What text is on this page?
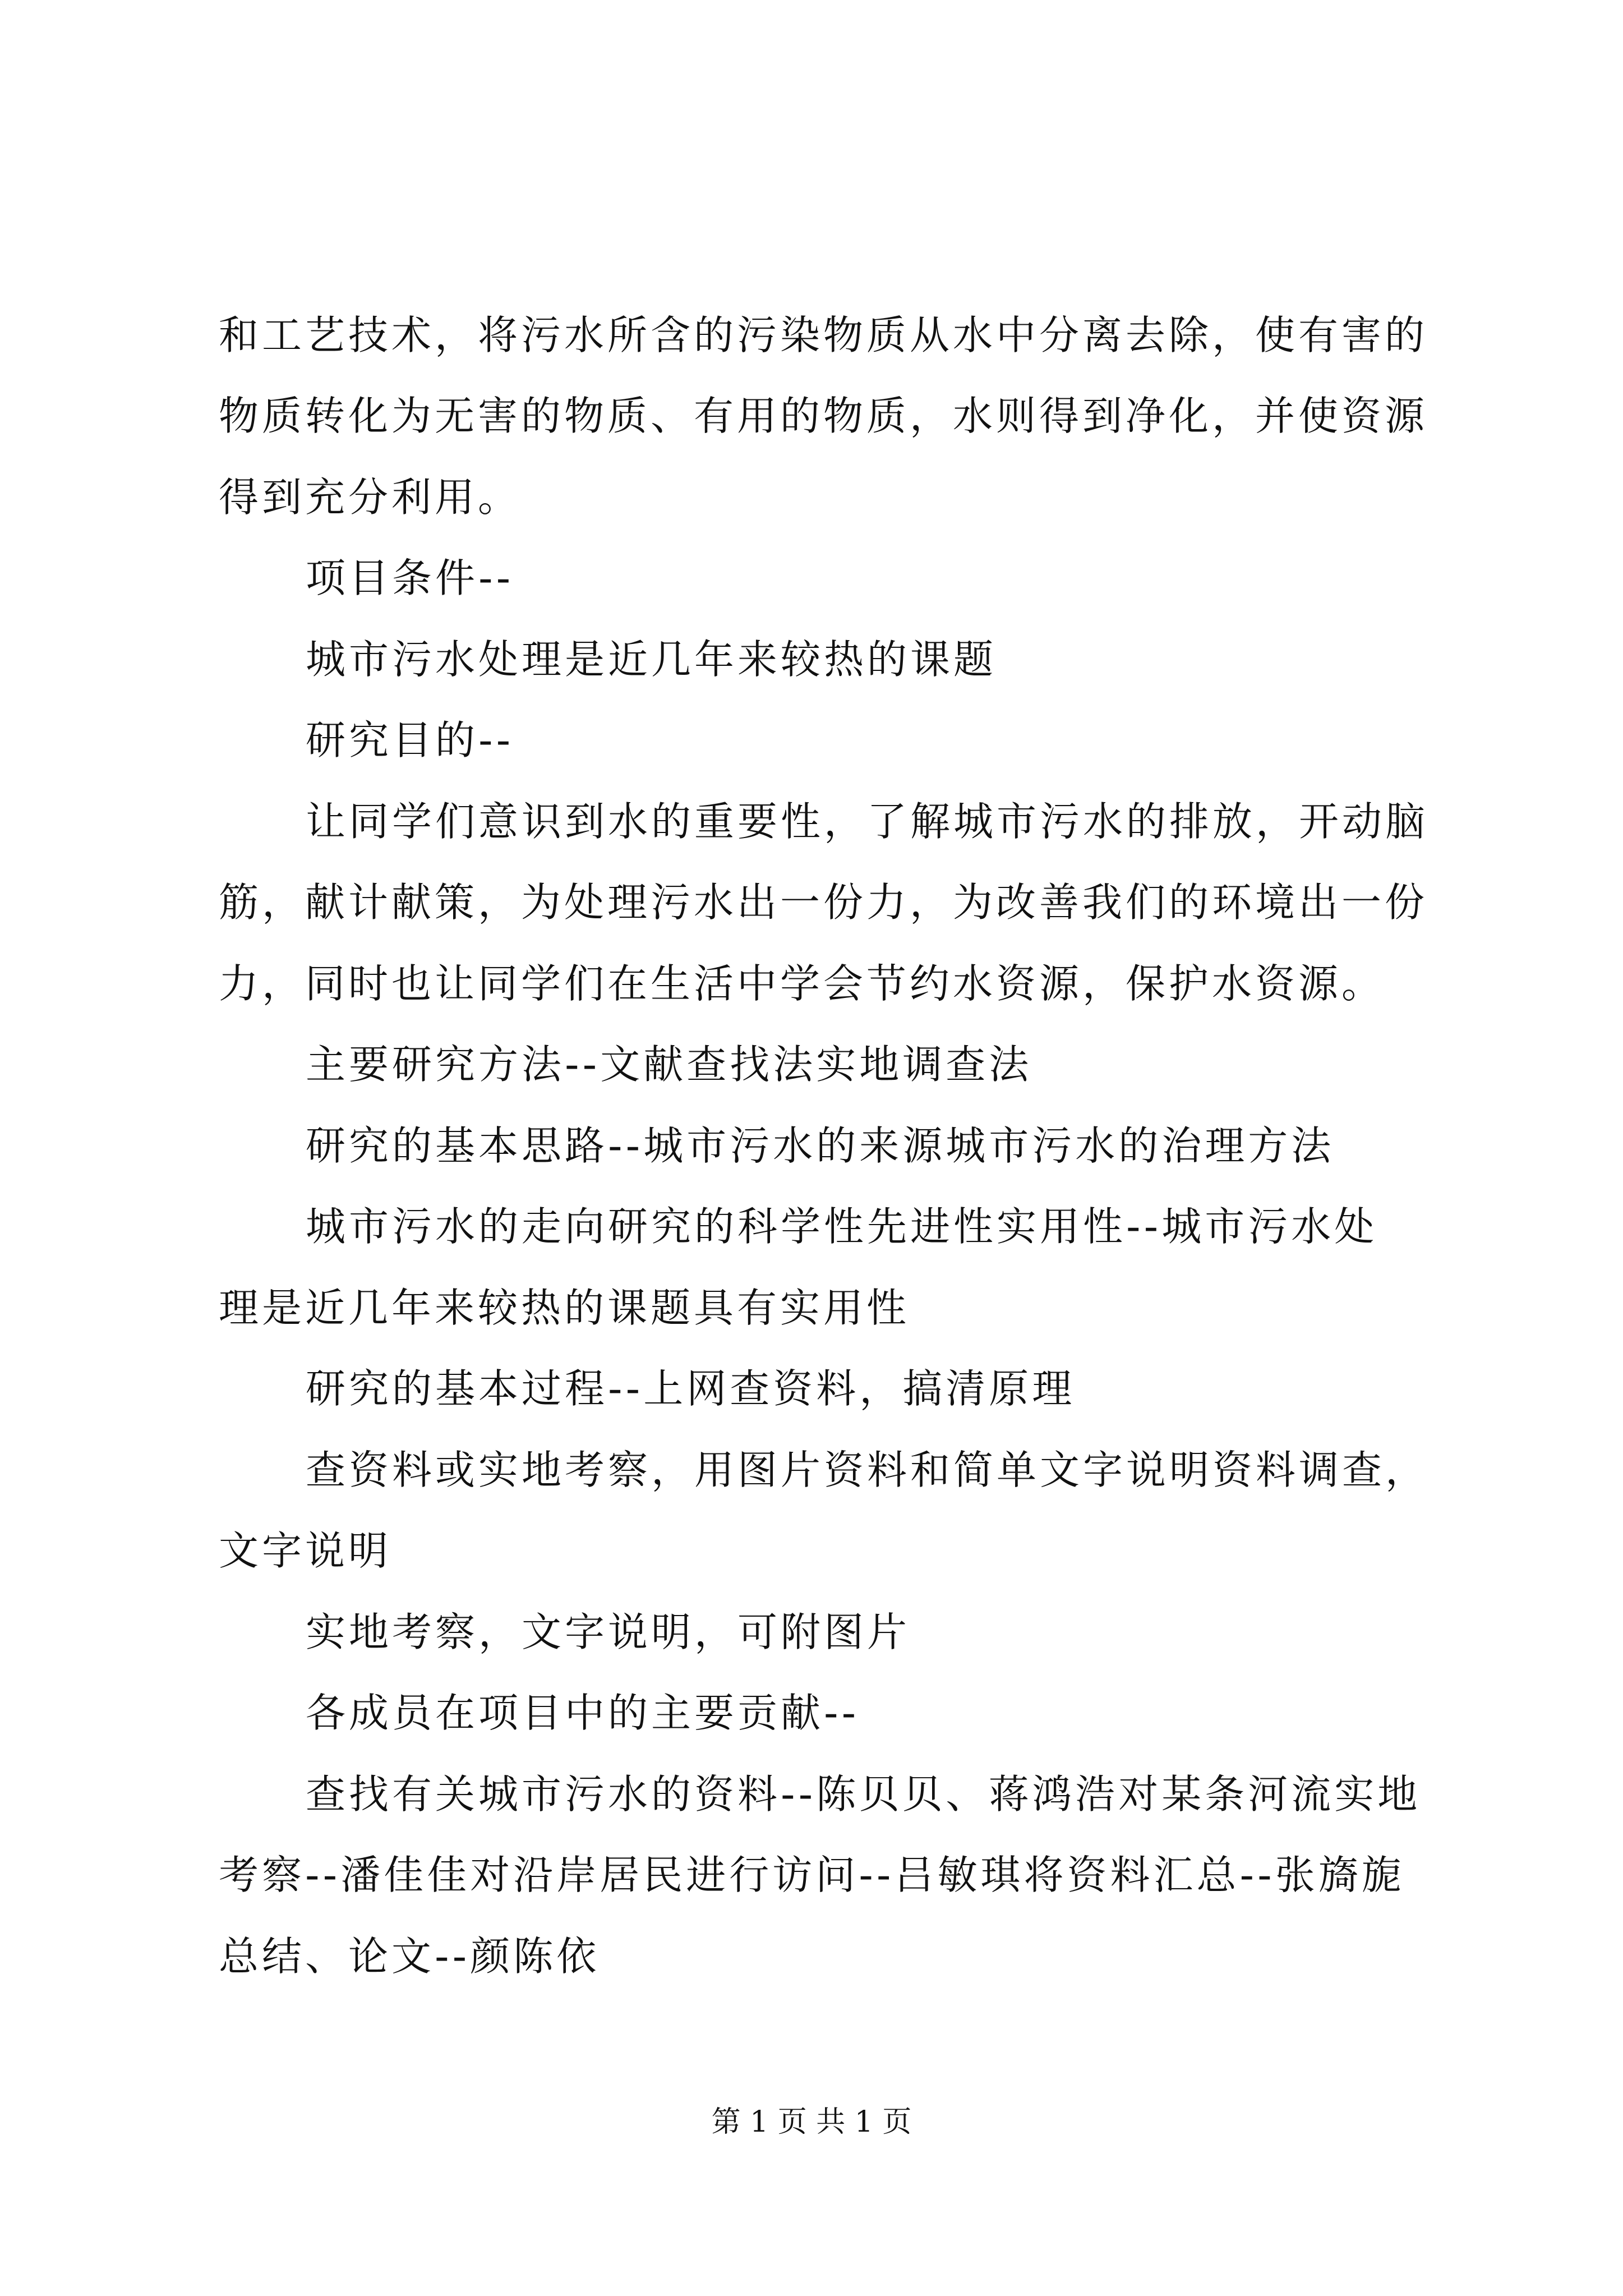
和工艺技术，将污水所含的污染物质从水中分离去除，使有害的
物质转化为无害的物质、有用的物质，水则得到净化，并使资源
得到充分利用。
项目条件--
城市污水处理是近几年来较热的课题
研究目的--
让同学们意识到水的重要性，了解城市污水的排放，开动脑
筋，献计献策，为处理污水出一份力，为改善我们的环境出一份
力，同时也让同学们在生活中学会节约水资源，保护水资源。
主要研究方法--文献查找法实地调查法
研究的基本思路--城市污水的来源城市污水的治理方法
城市污水的走向研究的科学性先进性实用性--城市污水处
理是近几年来较热的课题具有实用性
研究的基本过程--上网查资料，搞清原理
查资料或实地考察，用图片资料和简单文字说明资料调查，
文字说明
实地考察，文字说明，可附图片
各成员在项目中的主要贡献--
查找有关城市污水的资料--陈贝贝、蒋鸿浩对某条河流实地
考察--潘佳佳对沿岸居民进行访问--吕敏琪将资料汇总--张旖旎
总结、论文--颜陈依
第 1 页 共 1 页
